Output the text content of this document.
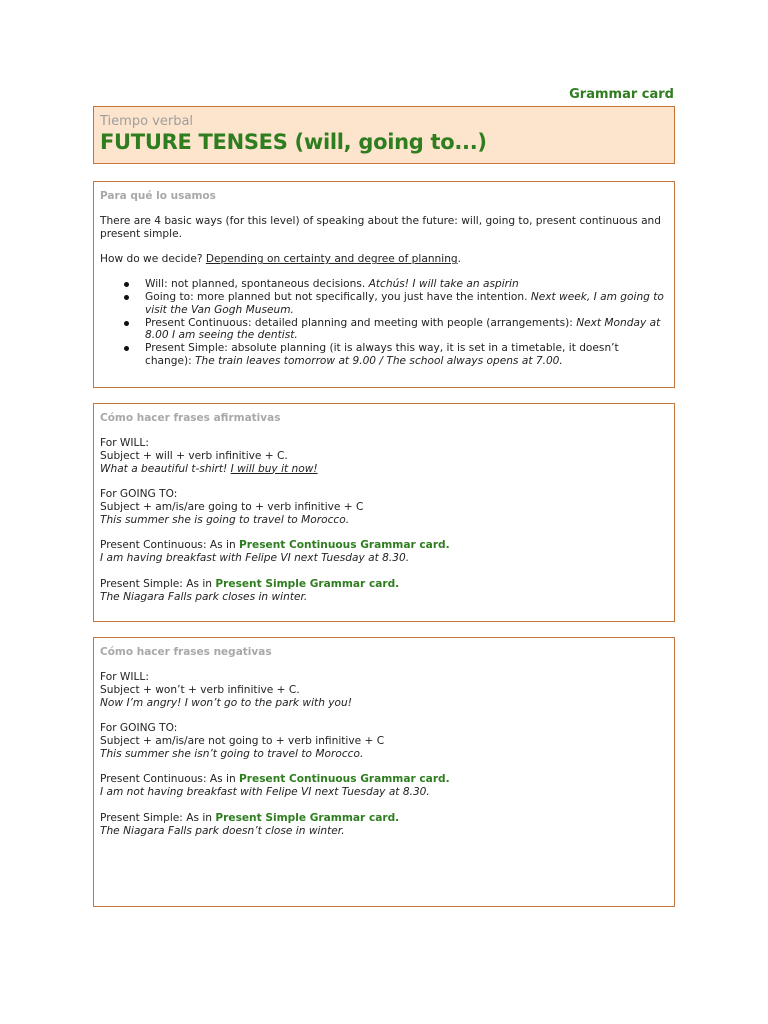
Grammar card
Tiempo verbal
FUTURE TENSES (will, going to...)
Para qué lo usamos

There are 4 basic ways (for this level) of speaking about the future: will, going to, present continuous and present simple.

How do we decide? Depending on certainty and degree of planning.

Will: not planned, spontaneous decisions. Atchús! I will take an aspirin
Going to: more planned but not specifically, you just have the intention. Next week, I am going to visit the Van Gogh Museum.
Present Continuous: detailed planning and meeting with people (arrangements): Next Monday at 8.00 I am seeing the dentist.
Present Simple: absolute planning (it is always this way, it is set in a timetable, it doesn’t change): The train leaves tomorrow at 9.00 / The school always opens at 7.00.
Cómo hacer frases afirmativas

For WILL:

Subject + will + verb infinitive + C.

What a beautiful t-shirt! I will buy it now!

For GOING TO:

Subject + am/is/are going to + verb infinitive + C

This summer she is going to travel to Morocco.

Present Continuous: As in Present Continuous Grammar card.

I am having breakfast with Felipe VI next Tuesday at 8.30.

Present Simple: As in Present Simple Grammar card.

The Niagara Falls park closes in winter.

Cómo hacer frases negativas

For WILL:

Subject + won’t + verb infinitive + C.

Now I’m angry! I won’t go to the park with you!

For GOING TO:

Subject + am/is/are not going to + verb infinitive + C

This summer she isn’t going to travel to Morocco.

Present Continuous: As in Present Continuous Grammar card.

I am not having breakfast with Felipe VI next Tuesday at 8.30.

Present Simple: As in Present Simple Grammar card.

The Niagara Falls park doesn’t close in winter.
